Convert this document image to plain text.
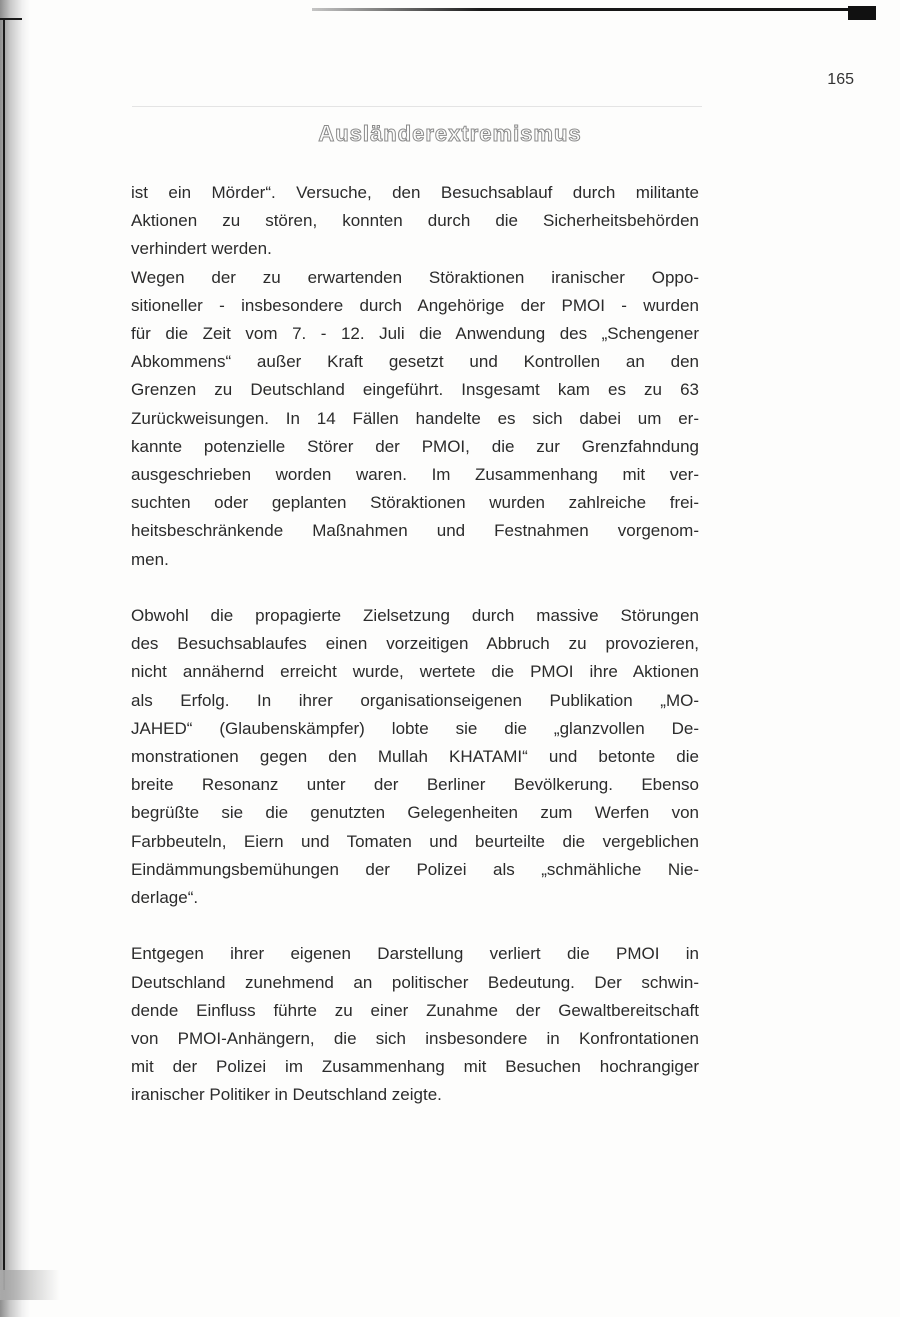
165
Ausländerextremismus

ist ein Mörder“. Versuche, den Besuchsablauf durch militante
Aktionen zu stören, konnten durch die Sicherheitsbehörden
verhindert werden.
Wegen der zu erwartenden Störaktionen iranischer Oppo-
sitioneller - insbesondere durch Angehörige der PMOI - wurden
für die Zeit vom 7. - 12. Juli die Anwendung des „Schengener
Abkommens“ außer Kraft gesetzt und Kontrollen an den
Grenzen zu Deutschland eingeführt. Insgesamt kam es zu 63
Zurückweisungen. In 14 Fällen handelte es sich dabei um er-
kannte potenzielle Störer der PMOI, die zur Grenzfahndung
ausgeschrieben worden waren. Im Zusammenhang mit ver-
suchten oder geplanten Störaktionen wurden zahlreiche frei-
heitsbeschränkende Maßnahmen und Festnahmen vorgenom-
men.

Obwohl die propagierte Zielsetzung durch massive Störungen
des Besuchsablaufes einen vorzeitigen Abbruch zu provozieren,
nicht annähernd erreicht wurde, wertete die PMOI ihre Aktionen
als Erfolg. In ihrer organisationseigenen Publikation „MO-
JAHED“ (Glaubenskämpfer) lobte sie die „glanzvollen De-
monstrationen gegen den Mullah KHATAMI“ und betonte die
breite Resonanz unter der Berliner Bevölkerung. Ebenso
begrüßte sie die genutzten Gelegenheiten zum Werfen von
Farbbeuteln, Eiern und Tomaten und beurteilte die vergeblichen
Eindämmungsbemühungen der Polizei als „schmähliche Nie-
derlage“.

Entgegen ihrer eigenen Darstellung verliert die PMOI in
Deutschland zunehmend an politischer Bedeutung. Der schwin-
dende Einfluss führte zu einer Zunahme der Gewaltbereitschaft
von PMOI-Anhängern, die sich insbesondere in Konfrontationen
mit der Polizei im Zusammenhang mit Besuchen hochrangiger
iranischer Politiker in Deutschland zeigte.
